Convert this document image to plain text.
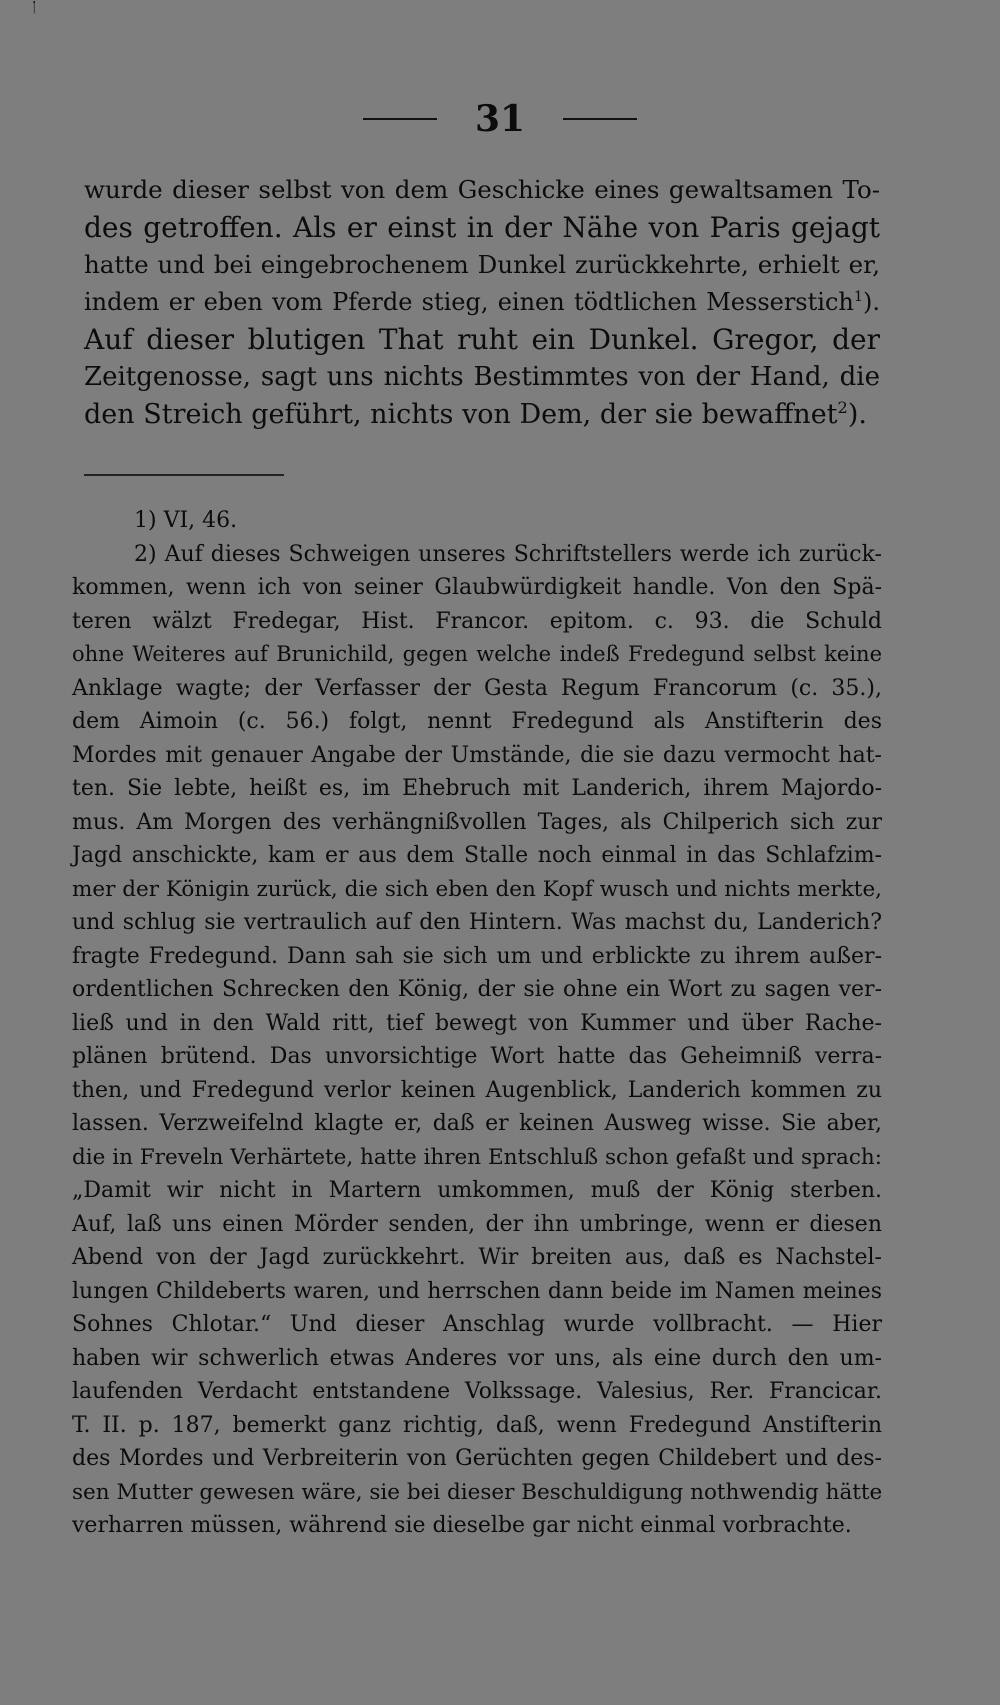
ᛙ
31
wurde dieser selbst von dem Geschicke eines gewaltsamen To-
des getroffen. Als er einst in der Nähe von Paris gejagt
hatte und bei eingebrochenem Dunkel zurückkehrte, erhielt er,
indem er eben vom Pferde stieg, einen tödtlichen Messerstich$^1$).
Auf dieser blutigen That ruht ein Dunkel. Gregor, der
Zeitgenosse, sagt uns nichts Bestimmtes von der Hand, die
den Streich geführt, nichts von Dem, der sie bewaffnet$^2$).
1) VI, 46.
2) Auf dieses Schweigen unseres Schriftstellers werde ich zurück-
kommen, wenn ich von seiner Glaubwürdigkeit handle. Von den Spä-
teren wälzt Fredegar, Hist. Francor. epitom. c. 93. die Schuld
ohne Weiteres auf Brunichild, gegen welche indeß Fredegund selbst keine
Anklage wagte; der Verfasser der Gesta Regum Francorum (c. 35.),
dem Aimoin (c. 56.) folgt, nennt Fredegund als Anstifterin des
Mordes mit genauer Angabe der Umstände, die sie dazu vermocht hat-
ten. Sie lebte, heißt es, im Ehebruch mit Landerich, ihrem Majordo-
mus. Am Morgen des verhängnißvollen Tages, als Chilperich sich zur
Jagd anschickte, kam er aus dem Stalle noch einmal in das Schlafzim-
mer der Königin zurück, die sich eben den Kopf wusch und nichts merkte,
und schlug sie vertraulich auf den Hintern. Was machst du, Landerich?
fragte Fredegund. Dann sah sie sich um und erblickte zu ihrem außer-
ordentlichen Schrecken den König, der sie ohne ein Wort zu sagen ver-
ließ und in den Wald ritt, tief bewegt von Kummer und über Rache-
plänen brütend. Das unvorsichtige Wort hatte das Geheimniß verra-
then, und Fredegund verlor keinen Augenblick, Landerich kommen zu
lassen. Verzweifelnd klagte er, daß er keinen Ausweg wisse. Sie aber,
die in Freveln Verhärtete, hatte ihren Entschluß schon gefaßt und sprach:
„Damit wir nicht in Martern umkommen, muß der König sterben.
Auf, laß uns einen Mörder senden, der ihn umbringe, wenn er diesen
Abend von der Jagd zurückkehrt. Wir breiten aus, daß es Nachstel-
lungen Childeberts waren, und herrschen dann beide im Namen meines
Sohnes Chlotar.“ Und dieser Anschlag wurde vollbracht. — Hier
haben wir schwerlich etwas Anderes vor uns, als eine durch den um-
laufenden Verdacht entstandene Volkssage. Valesius, Rer. Francicar.
T. II. p. 187, bemerkt ganz richtig, daß, wenn Fredegund Anstifterin
des Mordes und Verbreiterin von Gerüchten gegen Childebert und des-
sen Mutter gewesen wäre, sie bei dieser Beschuldigung nothwendig hätte
verharren müssen, während sie dieselbe gar nicht einmal vorbrachte.
